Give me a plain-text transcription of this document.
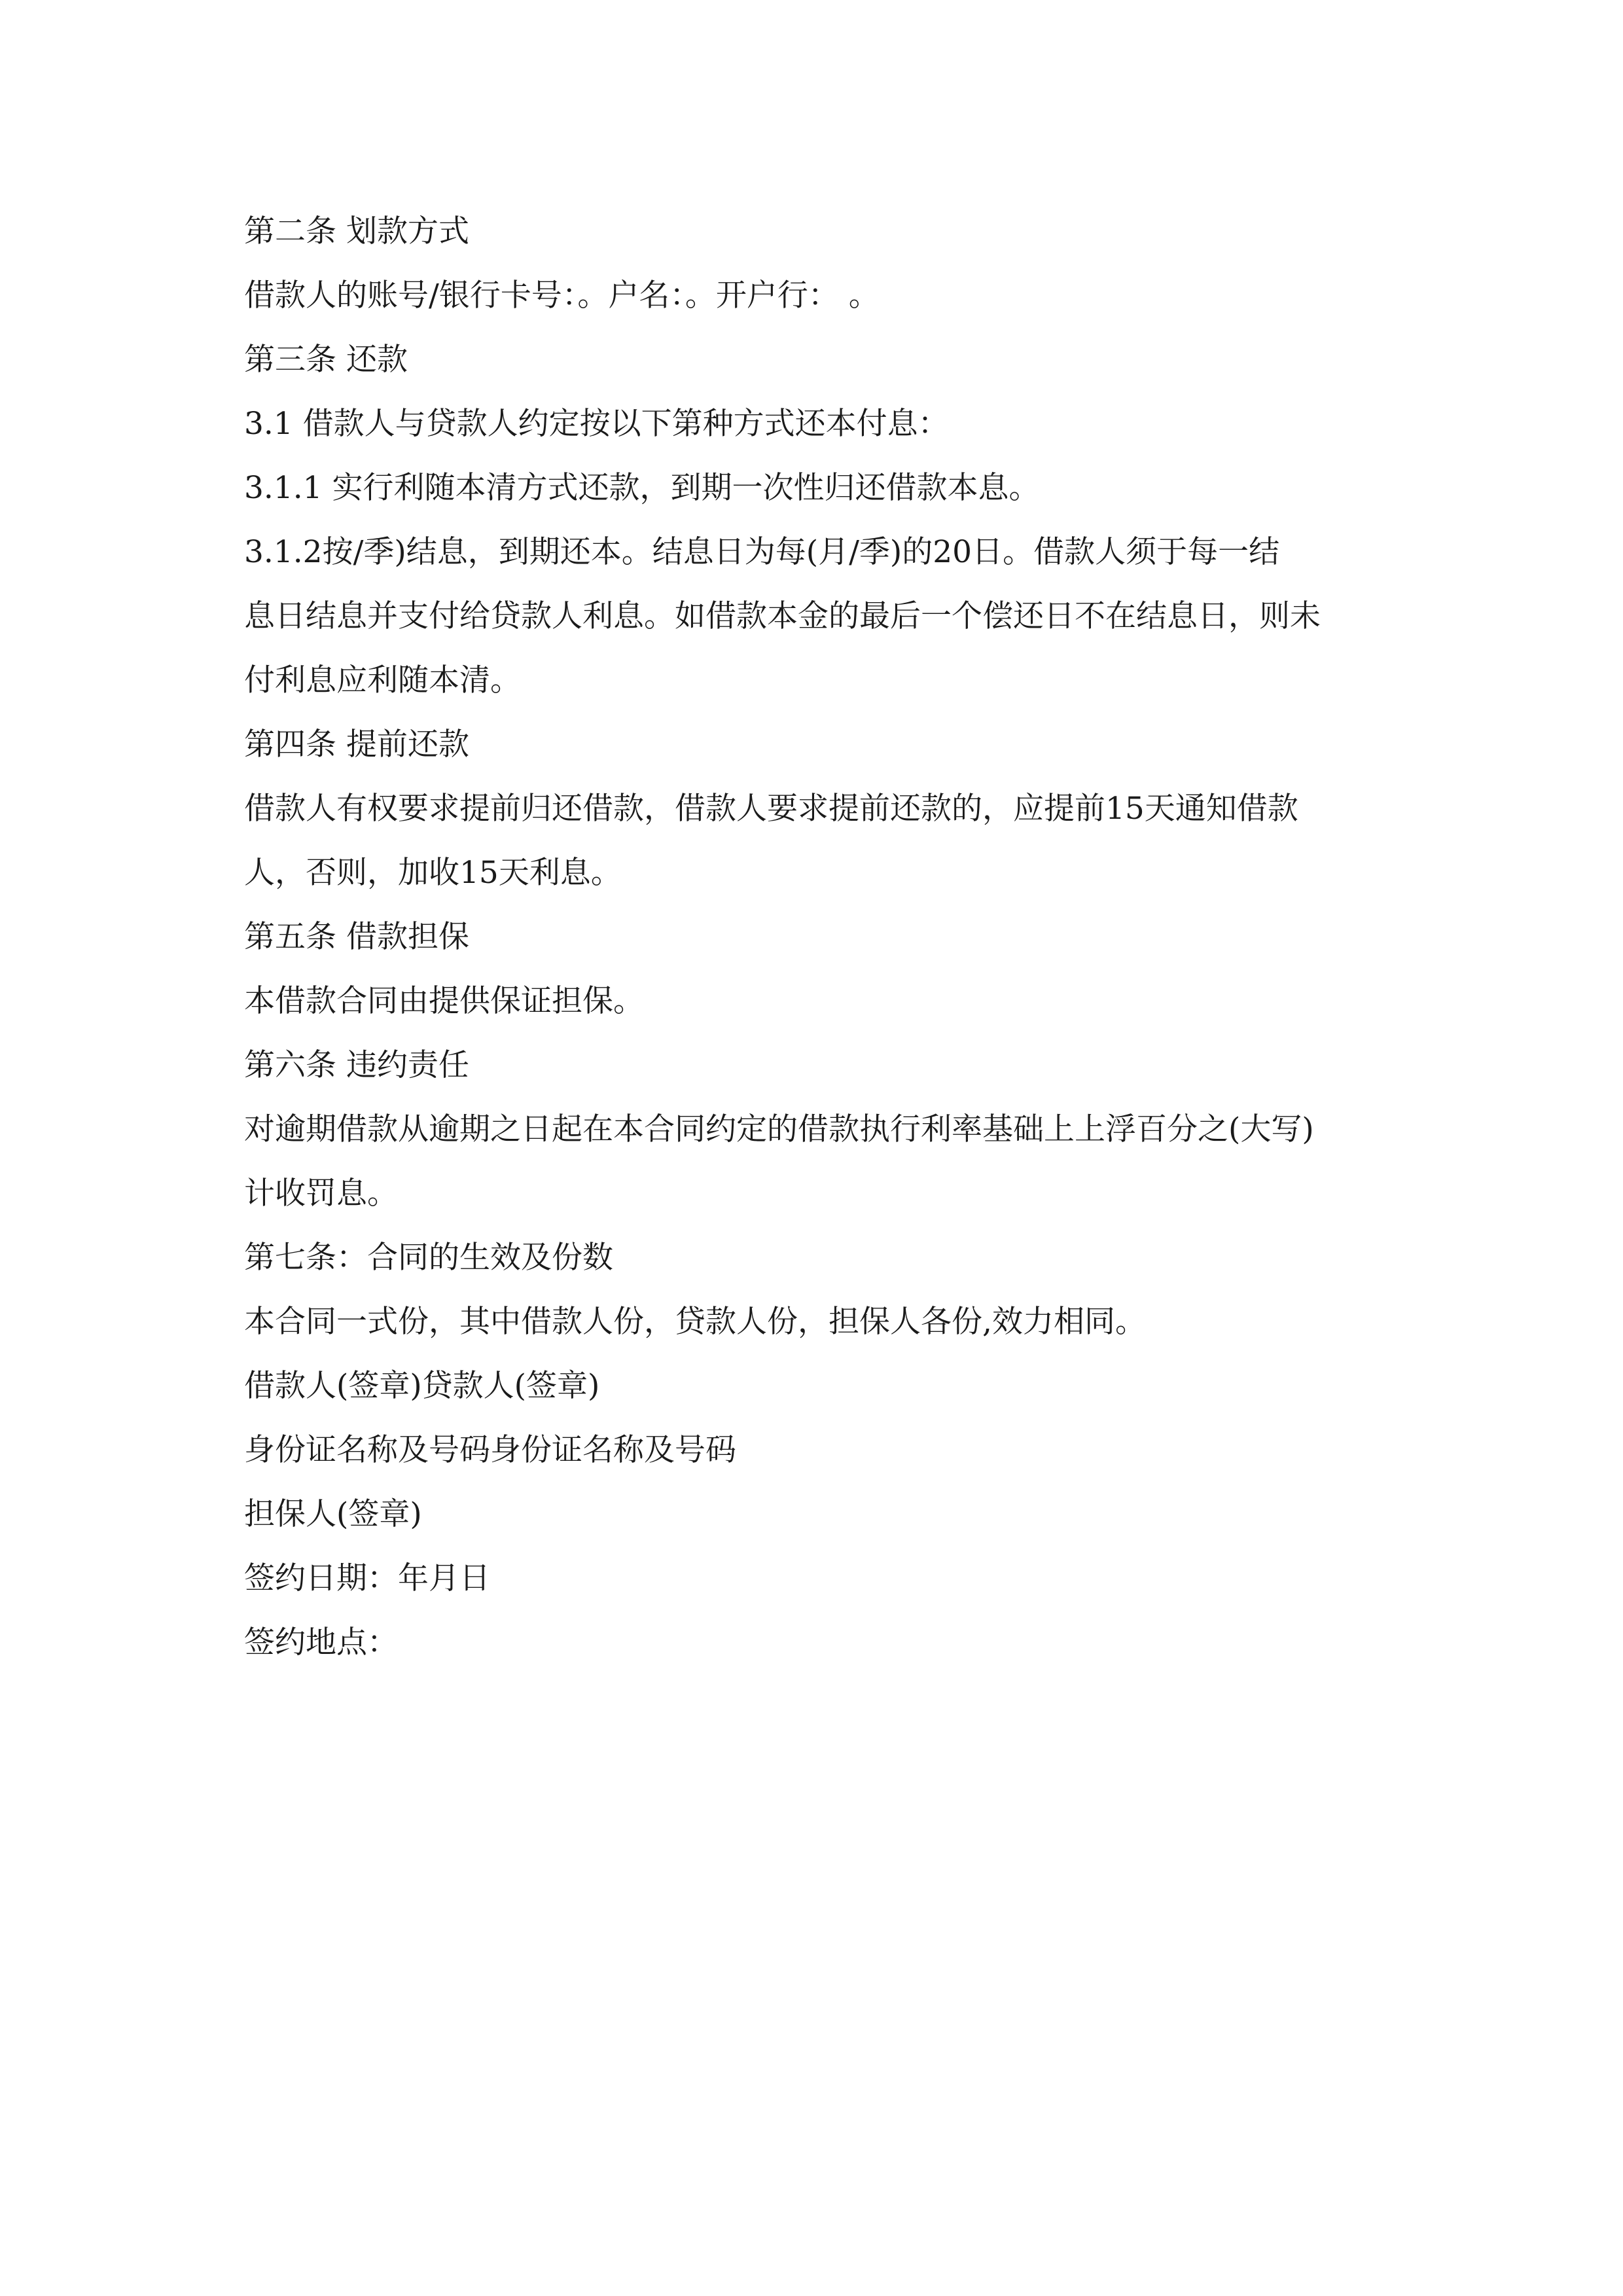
第二条 划款方式

借款人的账号/银行卡号：。户名：。开户行： 。

第三条 还款

3.1 借款人与贷款人约定按以下第种方式还本付息：

3.1.1 实行利随本清方式还款，到期一次性归还借款本息。

3.1.2按/季)结息，到期还本。结息日为每(月/季)的20日。借款人须于每一结

息日结息并支付给贷款人利息。如借款本金的最后一个偿还日不在结息日，则未

付利息应利随本清。

第四条 提前还款

借款人有权要求提前归还借款，借款人要求提前还款的，应提前15天通知借款

人，否则，加收15天利息。

第五条 借款担保

本借款合同由提供保证担保。

第六条 违约责任

对逾期借款从逾期之日起在本合同约定的借款执行利率基础上上浮百分之(大写)

计收罚息。

第七条：合同的生效及份数

本合同一式份，其中借款人份，贷款人份，担保人各份,效力相同。

借款人(签章)贷款人(签章)

身份证名称及号码身份证名称及号码

担保人(签章)

签约日期：年月日

签约地点：
